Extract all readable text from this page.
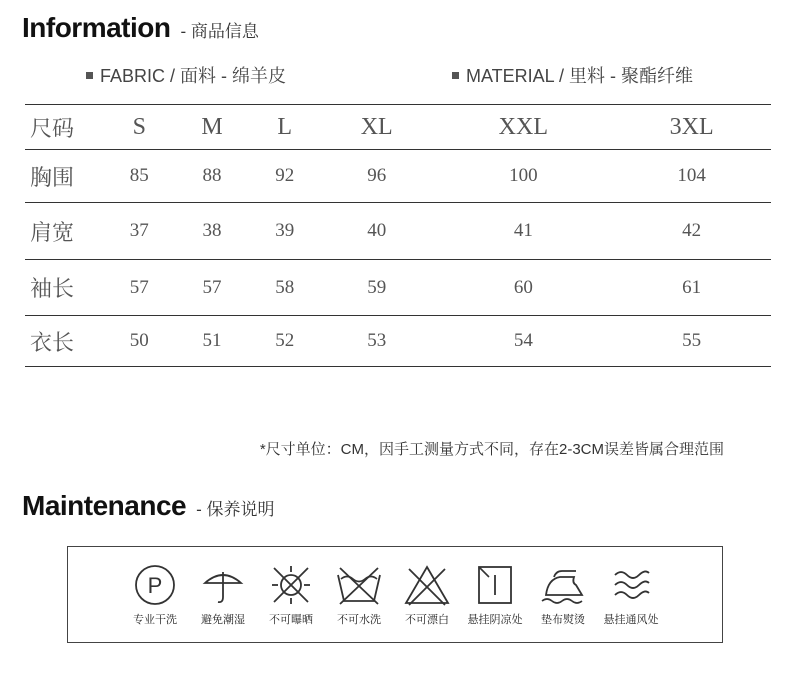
Information - 商品信息
FABRIC / 面料 - 绵羊皮	MATERIAL / 里料 - 聚酯纤维
尺码	S	M	L	XL	XXL	3XL
胸围	85	88	92	96	100	104
肩宽	37	38	39	40	41	42
袖长	57	57	58	59	60	61
衣长	50	51	52	53	54	55
*尺寸单位：CM，因手工测量方式不同，存在2-3CM误差皆属合理范围
Maintenance - 保养说明
P
专业干洗	避免潮湿	不可曝晒	不可水洗	不可漂白	悬挂阴凉处	垫布熨烫	悬挂通风处
